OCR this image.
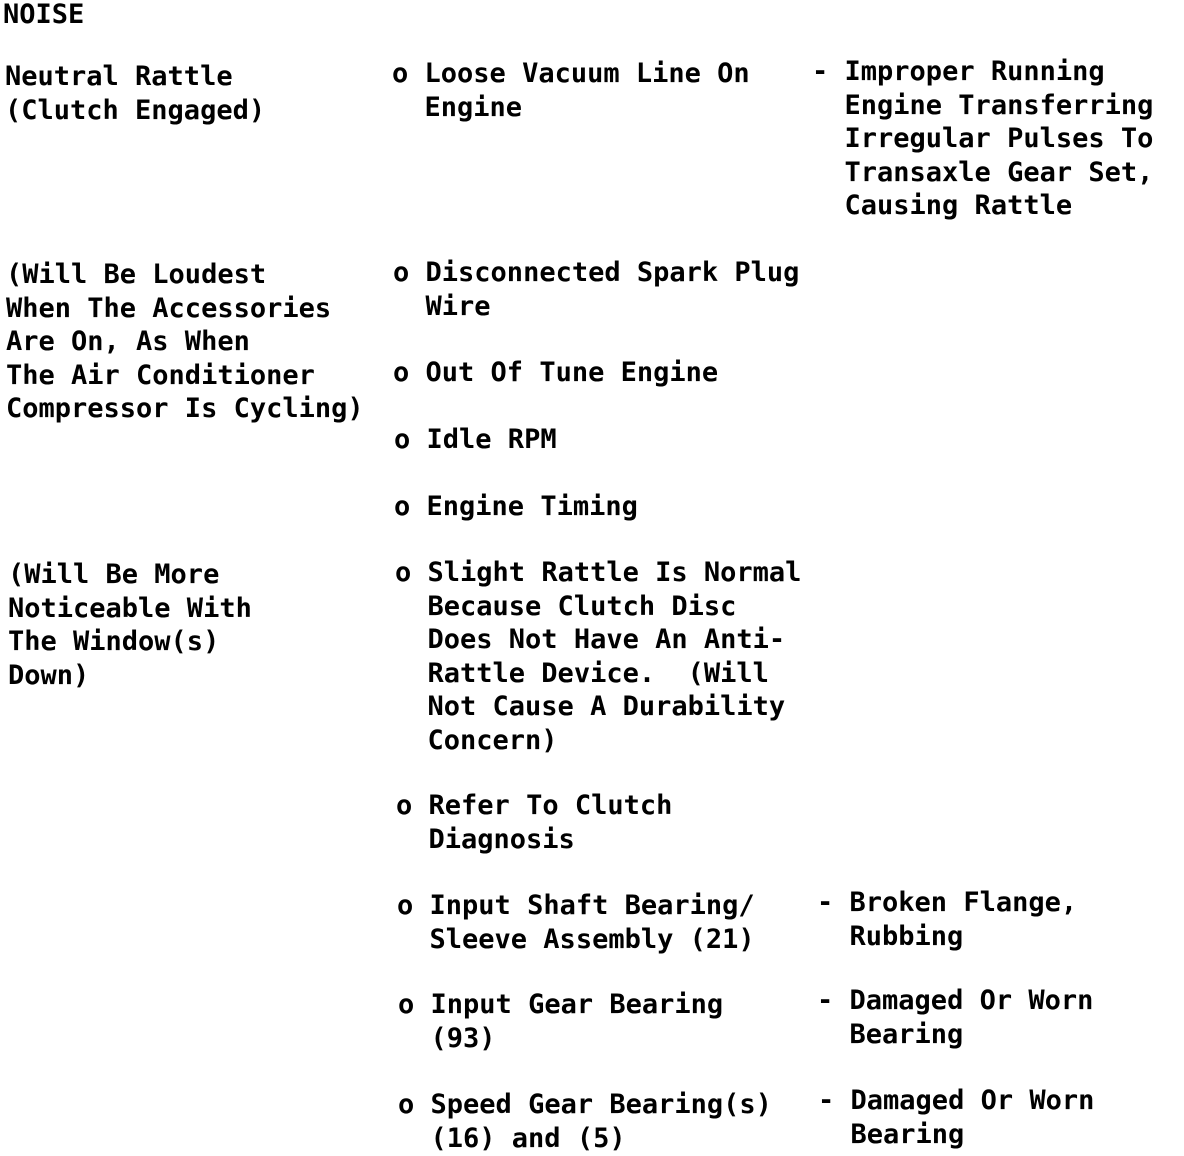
NOISE
Neutral Rattle
(Clutch Engaged)
(Will Be Loudest
When The Accessories
Are On, As When
The Air Conditioner
Compressor Is Cycling)
(Will Be More
Noticeable With
The Window(s)
Down)
o Loose Vacuum Line On
Engine
o Disconnected Spark Plug
Wire
o Out Of Tune Engine
o Idle RPM
o Engine Timing
o Slight Rattle Is Normal
Because Clutch Disc
Does Not Have An Anti-
Rattle Device.  (Will
Not Cause A Durability
Concern)
o Refer To Clutch
Diagnosis
o Input Shaft Bearing/
Sleeve Assembly (21)
o Input Gear Bearing
(93)
o Speed Gear Bearing(s)
(16) and (5)
- Improper Running
Engine Transferring
Irregular Pulses To
Transaxle Gear Set,
Causing Rattle
- Broken Flange,
Rubbing
- Damaged Or Worn
Bearing
- Damaged Or Worn
Bearing
